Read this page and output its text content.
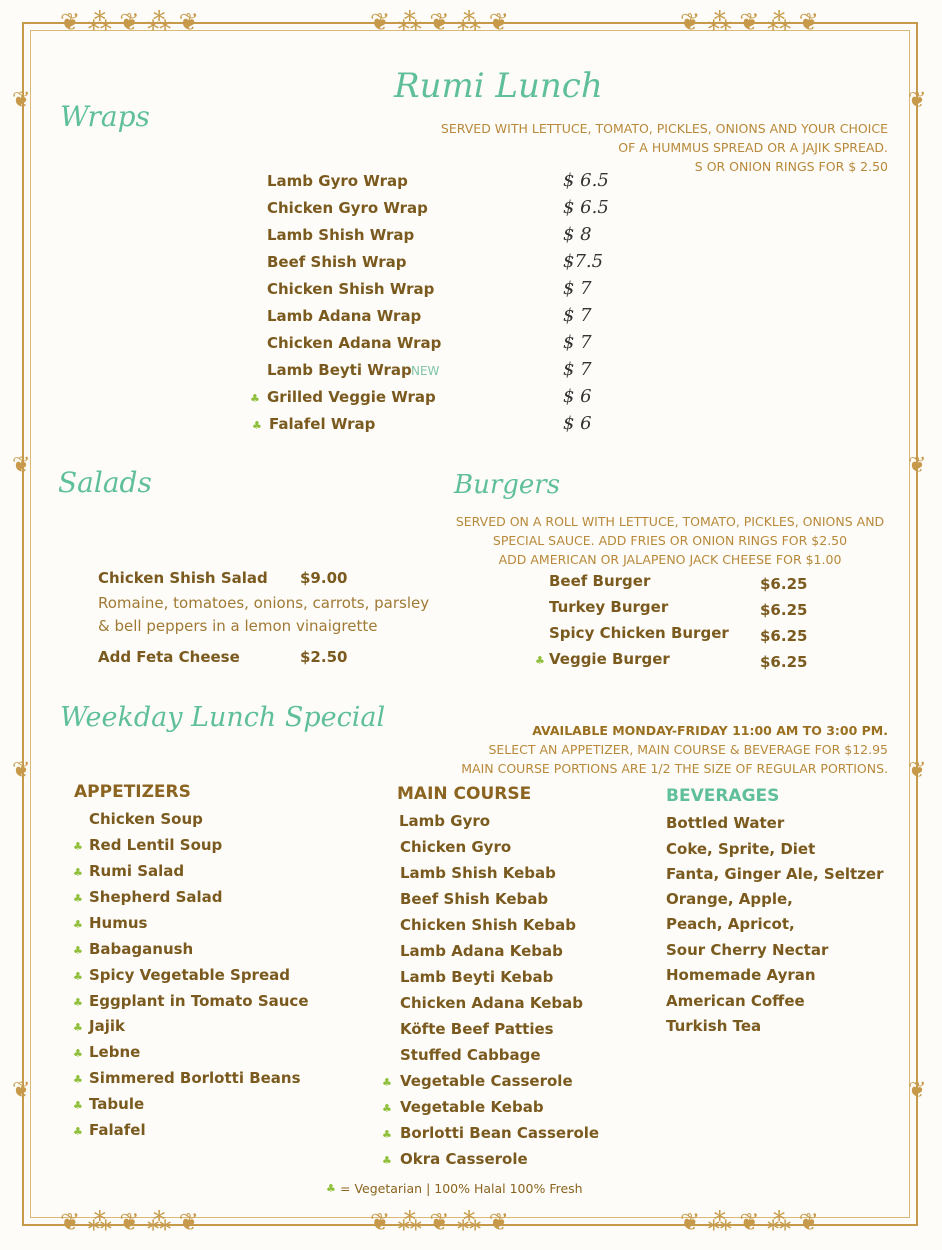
❦ ⁂ ❦ ⁂ ❦	❦ ⁂ ❦ ⁂ ❦	❦ ⁂ ❦ ⁂ ❦
❦ ⁂ ❦ ⁂ ❦	❦ ⁂ ❦ ⁂ ❦	❦ ⁂ ❦ ⁂ ❦
❦
❦
❦
❦
❦
❦
❦
❦
Rumi Lunch
Wraps	SERVED WITH LETTUCE, TOMATO, PICKLES, ONIONS AND YOUR CHOICE
OF A HUMMUS SPREAD OR A JAJIK SPREAD.
S OR ONION RINGS FOR $ 2.50
Lamb Gyro Wrap	$ 6.5
Chicken Gyro Wrap	$ 6.5
Lamb Shish Wrap	$ 8
Beef Shish Wrap	$7.5
Chicken Shish Wrap	$ 7
Lamb Adana Wrap	$ 7
Chicken Adana Wrap	$ 7
Lamb Beyti Wrap NEW	$ 7
♣ Grilled Veggie Wrap	$ 6
♣ Falafel Wrap	$ 6
Salads
Chicken Shish Salad $9.00
Romaine, tomatoes, onions, carrots, parsley
& bell peppers in a lemon vinaigrette
Add Feta Cheese	$2.50
Burgers
SERVED ON A ROLL WITH LETTUCE, TOMATO, PICKLES, ONIONS AND
SPECIAL SAUCE. ADD FRIES OR ONION RINGS FOR $2.50
ADD AMERICAN OR JALAPENO JACK CHEESE FOR $1.00
Beef Burger	$6.25
Turkey Burger	$6.25
Spicy Chicken Burger $6.25
♣ Veggie Burger	$6.25
Weekday Lunch Special	AVAILABLE MONDAY-FRIDAY 11:00 AM TO 3:00 PM.
SELECT AN APPETIZER, MAIN COURSE & BEVERAGE FOR $12.95
MAIN COURSE PORTIONS ARE 1/2 THE SIZE OF REGULAR PORTIONS.
APPETIZERS
Chicken Soup
♣ Red Lentil Soup
♣ Rumi Salad
♣ Shepherd Salad
♣ Humus
♣ Babaganush
♣ Spicy Vegetable Spread
♣ Eggplant in Tomato Sauce
♣ Jajik
♣ Lebne
♣ Simmered Borlotti Beans
♣ Tabule
♣ Falafel
MAIN COURSE
Lamb Gyro
Chicken Gyro
Lamb Shish Kebab
Beef Shish Kebab
Chicken Shish Kebab
Lamb Adana Kebab
Lamb Beyti Kebab
Chicken Adana Kebab
Köfte Beef Patties
Stuffed Cabbage
♣ Vegetable Casserole
♣ Vegetable Kebab
♣ Borlotti Bean Casserole
♣ Okra Casserole
BEVERAGES
Bottled Water
Coke, Sprite, Diet
Fanta, Ginger Ale, Seltzer
Orange, Apple,
Peach, Apricot,
Sour Cherry Nectar
Homemade Ayran
American Coffee
Turkish Tea
♣ = Vegetarian | 100% Halal 100% Fresh
